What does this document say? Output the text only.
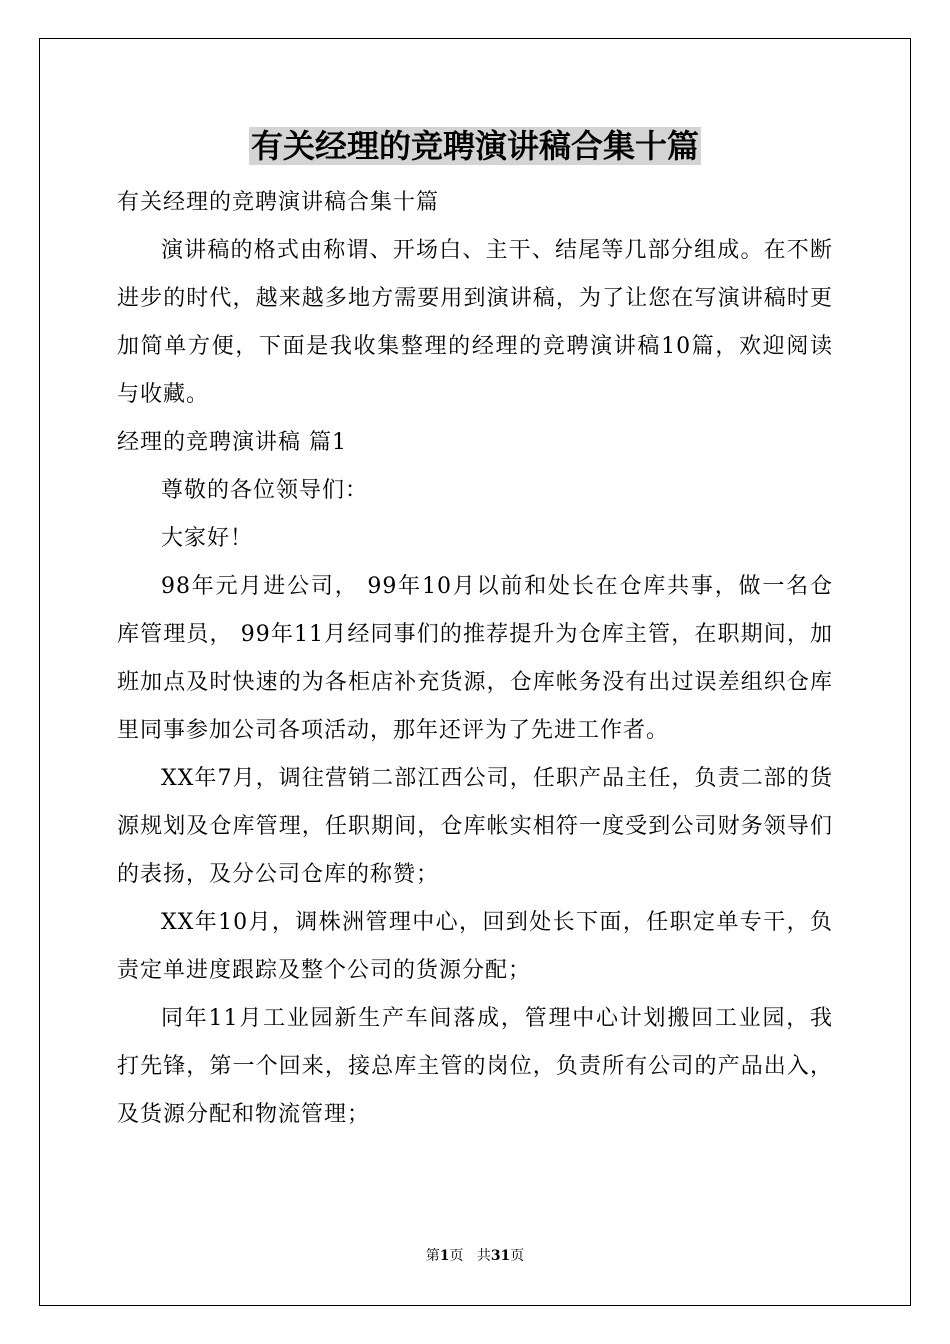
有关经理的竞聘演讲稿合集十篇

有关经理的竞聘演讲稿合集十篇

演讲稿的格式由称谓、开场白、主干、结尾等几部分组成。在不断进步的时代，越来越多地方需要用到演讲稿，为了让您在写演讲稿时更加简单方便，下面是我收集整理的经理的竞聘演讲稿10篇，欢迎阅读与收藏。

经理的竞聘演讲稿 篇1

尊敬的各位领导们：

大家好！

98年元月进公司， 99年10月以前和处长在仓库共事，做一名仓库管理员， 99年11月经同事们的推荐提升为仓库主管，在职期间，加班加点及时快速的为各柜店补充货源，仓库帐务没有出过误差组织仓库里同事参加公司各项活动，那年还评为了先进工作者。

XX年7月，调往营销二部江西公司，任职产品主任，负责二部的货源规划及仓库管理，任职期间，仓库帐实相符一度受到公司财务领导们的表扬，及分公司仓库的称赞；

XX年10月，调株洲管理中心，回到处长下面，任职定单专干，负责定单进度跟踪及整个公司的货源分配；

同年11月工业园新生产车间落成，管理中心计划搬回工业园，我打先锋，第一个回来，接总库主管的岗位，负责所有公司的产品出入，及货源分配和物流管理；

第1页 共31页
